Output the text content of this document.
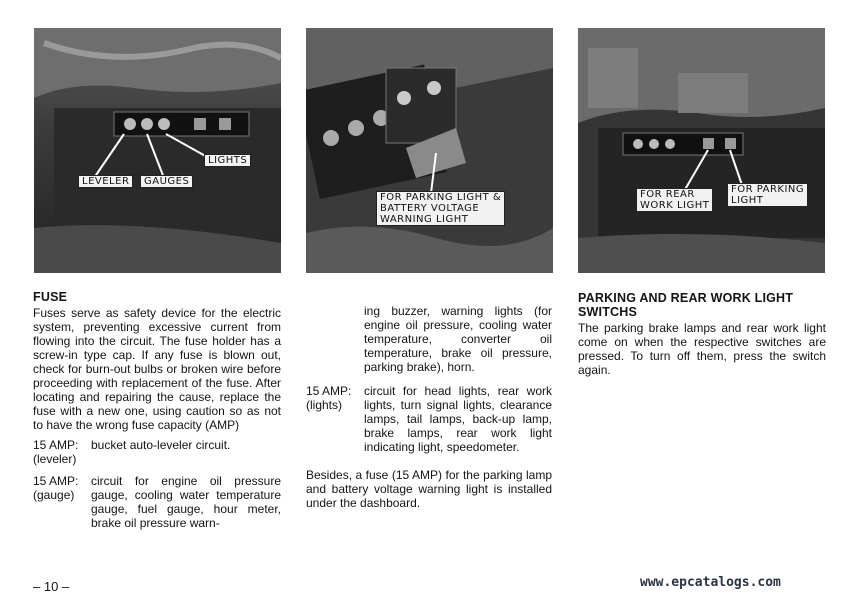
LIGHTS
LEVELER	GAUGES
FOR PARKING LIGHT &
BATTERY VOLTAGE
WARNING LIGHT
FOR REAR
WORK LIGHT
FOR PARKING
LIGHT

FUSE

Fuses serve as safety device for the electric system, preventing excessive current from flowing into the circuit. The fuse holder has a screw-in type cap. If any fuse is blown out, check for burn-out bulbs or broken wire before proceeding with replacement of the fuse. After locating and repairing the cause, replace the fuse with a new one, using caution so as not to have the wrong fuse capacity (AMP)

15 AMP:
(leveler)
bucket auto-leveler circuit.
15 AMP:
(gauge)
circuit for engine oil pressure gauge, cooling water temperature gauge, fuel gauge, hour meter, brake oil pressure warn-

ing buzzer, warning lights (for engine oil pressure, cooling water temperature, converter oil temperature, brake oil pressure, parking brake), horn.

15 AMP:
(lights)
circuit for head lights, rear work lights, turn signal lights, clearance lamps, tail lamps, back-up lamp, brake lamps, rear work light indicating light, speedometer.

Besides, a fuse (15 AMP) for the parking lamp and battery voltage warning light is installed under the dashboard.

PARKING AND REAR WORK LIGHT

SWITCHS

The parking brake lamps and rear work light come on when the respective switches are pressed. To turn off them, press the switch again.

– 10 –	www.epcatalogs.com
